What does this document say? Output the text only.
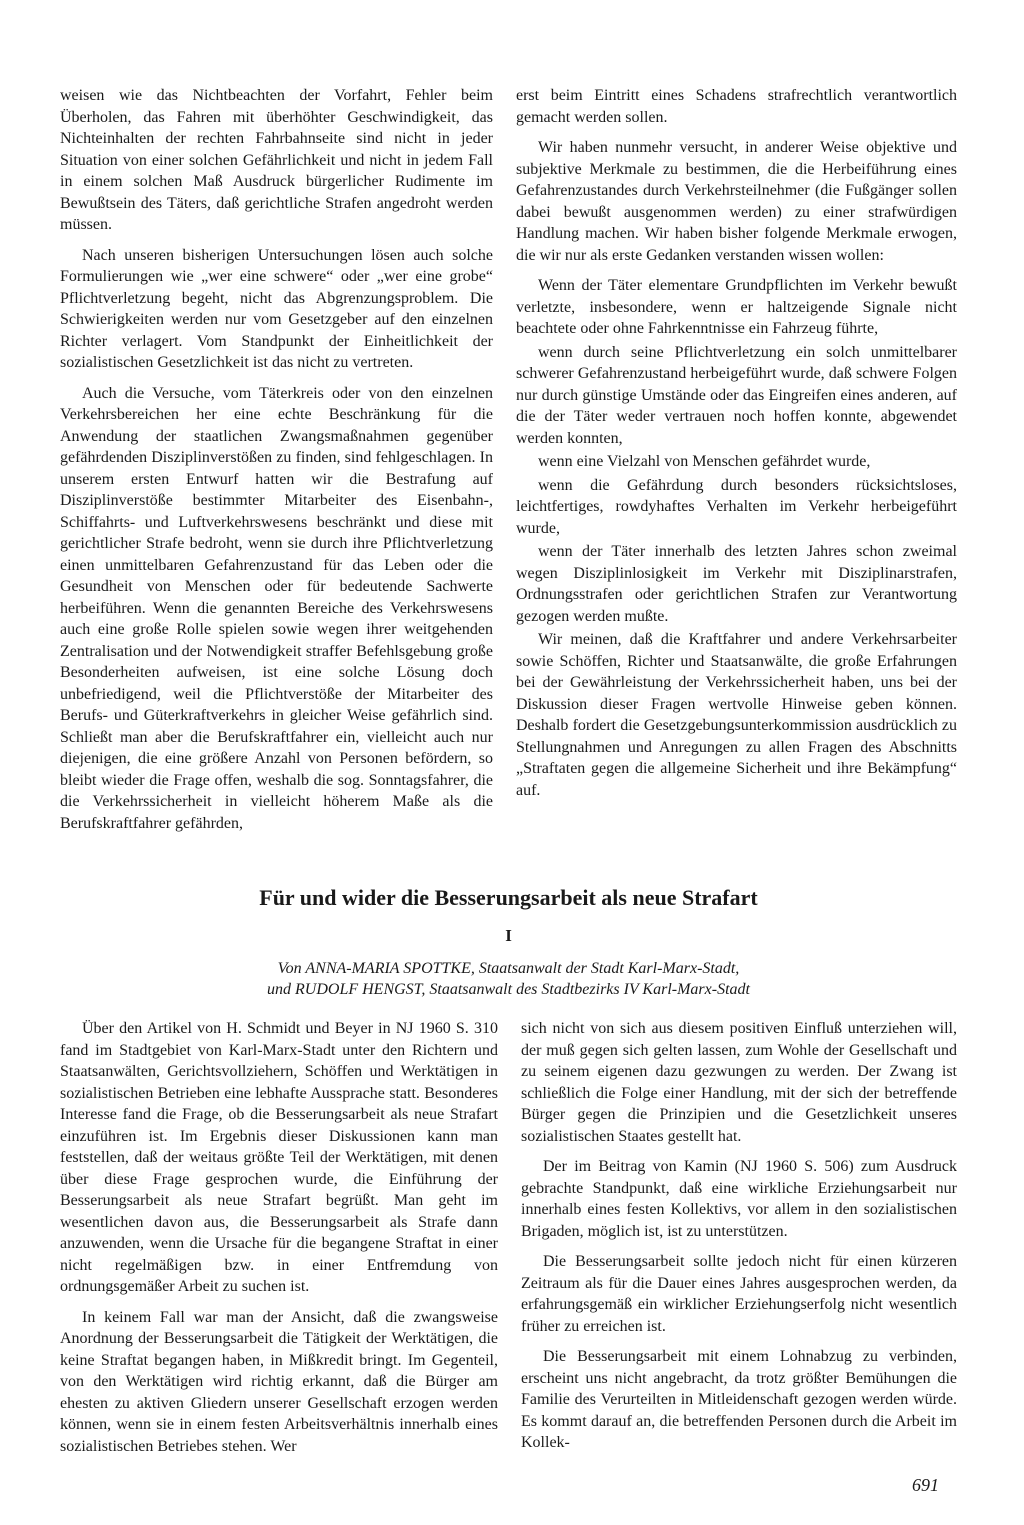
weisen wie das Nichtbeachten der Vorfahrt, Fehler beim Überholen, das Fahren mit überhöhter Geschwindigkeit, das Nichteinhalten der rechten Fahrbahnseite sind nicht in jeder Situation von einer solchen Gefährlichkeit und nicht in jedem Fall in einem solchen Maß Ausdruck bürgerlicher Rudimente im Bewußtsein des Täters, daß gerichtliche Strafen angedroht werden müssen.

Nach unseren bisherigen Untersuchungen lösen auch solche Formulierungen wie „wer eine schwere“ oder „wer eine grobe“ Pflichtverletzung begeht, nicht das Abgrenzungsproblem. Die Schwierigkeiten werden nur vom Gesetzgeber auf den einzelnen Richter verlagert. Vom Standpunkt der Einheitlichkeit der sozialistischen Gesetzlichkeit ist das nicht zu vertreten.

Auch die Versuche, vom Täterkreis oder von den einzelnen Verkehrsbereichen her eine echte Beschränkung für die Anwendung der staatlichen Zwangsmaßnahmen gegenüber gefährdenden Disziplinverstößen zu finden, sind fehlgeschlagen. In unserem ersten Entwurf hatten wir die Bestrafung auf Disziplinverstöße bestimmter Mitarbeiter des Eisenbahn-, Schiffahrts- und Luftverkehrswesens beschränkt und diese mit gerichtlicher Strafe bedroht, wenn sie durch ihre Pflichtverletzung einen unmittelbaren Gefahrenzustand für das Leben oder die Gesundheit von Menschen oder für bedeutende Sachwerte herbeiführen. Wenn die genannten Bereiche des Verkehrswesens auch eine große Rolle spielen sowie wegen ihrer weitgehenden Zentralisation und der Notwendigkeit straffer Befehlsgebung große Besonderheiten aufweisen, ist eine solche Lösung doch unbefriedigend, weil die Pflichtverstöße der Mitarbeiter des Berufs- und Güterkraftverkehrs in gleicher Weise gefährlich sind. Schließt man aber die Berufskraftfahrer ein, vielleicht auch nur diejenigen, die eine größere Anzahl von Personen befördern, so bleibt wieder die Frage offen, weshalb die sog. Sonntagsfahrer, die die Verkehrssicherheit in vielleicht höherem Maße als die Berufskraftfahrer gefährden,

erst beim Eintritt eines Schadens strafrechtlich verantwortlich gemacht werden sollen.

Wir haben nunmehr versucht, in anderer Weise objektive und subjektive Merkmale zu bestimmen, die die Herbeiführung eines Gefahrenzustandes durch Verkehrsteilnehmer (die Fußgänger sollen dabei bewußt ausgenommen werden) zu einer strafwürdigen Handlung machen. Wir haben bisher folgende Merkmale erwogen, die wir nur als erste Gedanken verstanden wissen wollen:

Wenn der Täter elementare Grundpflichten im Verkehr bewußt verletzte, insbesondere, wenn er haltzeigende Signale nicht beachtete oder ohne Fahrkenntnisse ein Fahrzeug führte,

wenn durch seine Pflichtverletzung ein solch unmittelbarer schwerer Gefahrenzustand herbeigeführt wurde, daß schwere Folgen nur durch günstige Umstände oder das Eingreifen eines anderen, auf die der Täter weder vertrauen noch hoffen konnte, abgewendet werden konnten,

wenn eine Vielzahl von Menschen gefährdet wurde,

wenn die Gefährdung durch besonders rücksichtsloses, leichtfertiges, rowdyhaftes Verhalten im Verkehr herbeigeführt wurde,

wenn der Täter innerhalb des letzten Jahres schon zweimal wegen Disziplinlosigkeit im Verkehr mit Disziplinarstrafen, Ordnungsstrafen oder gerichtlichen Strafen zur Verantwortung gezogen werden mußte.

Wir meinen, daß die Kraftfahrer und andere Verkehrsarbeiter sowie Schöffen, Richter und Staatsanwälte, die große Erfahrungen bei der Gewährleistung der Verkehrssicherheit haben, uns bei der Diskussion dieser Fragen wertvolle Hinweise geben können. Deshalb fordert die Gesetzgebungsunterkommission ausdrücklich zu Stellungnahmen und Anregungen zu allen Fragen des Abschnitts „Straftaten gegen die allgemeine Sicherheit und ihre Bekämpfung“ auf.

Für und wider die Besserungsarbeit als neue Strafart
I
Von ANNA-MARIA SPOTTKE, Staatsanwalt der Stadt Karl-Marx-Stadt,
und RUDOLF HENGST, Staatsanwalt des Stadtbezirks IV Karl-Marx-Stadt

Über den Artikel von H. Schmidt und Beyer in NJ 1960 S. 310 fand im Stadtgebiet von Karl-Marx-Stadt unter den Richtern und Staatsanwälten, Gerichtsvollziehern, Schöffen und Werktätigen in sozialistischen Betrieben eine lebhafte Aussprache statt. Besonderes Interesse fand die Frage, ob die Besserungsarbeit als neue Strafart einzuführen ist. Im Ergebnis dieser Diskussionen kann man feststellen, daß der weitaus größte Teil der Werktätigen, mit denen über diese Frage gesprochen wurde, die Einführung der Besserungsarbeit als neue Strafart begrüßt. Man geht im wesentlichen davon aus, die Besserungsarbeit als Strafe dann anzuwenden, wenn die Ursache für die begangene Straftat in einer nicht regelmäßigen bzw. in einer Entfremdung von ordnungsgemäßer Arbeit zu suchen ist.

In keinem Fall war man der Ansicht, daß die zwangsweise Anordnung der Besserungsarbeit die Tätigkeit der Werktätigen, die keine Straftat begangen haben, in Mißkredit bringt. Im Gegenteil, von den Werktätigen wird richtig erkannt, daß die Bürger am ehesten zu aktiven Gliedern unserer Gesellschaft erzogen werden können, wenn sie in einem festen Arbeitsverhältnis innerhalb eines sozialistischen Betriebes stehen. Wer

sich nicht von sich aus diesem positiven Einfluß unterziehen will, der muß gegen sich gelten lassen, zum Wohle der Gesellschaft und zu seinem eigenen dazu gezwungen zu werden. Der Zwang ist schließlich die Folge einer Handlung, mit der sich der betreffende Bürger gegen die Prinzipien und die Gesetzlichkeit unseres sozialistischen Staates gestellt hat.

Der im Beitrag von Kamin (NJ 1960 S. 506) zum Ausdruck gebrachte Standpunkt, daß eine wirkliche Erziehungsarbeit nur innerhalb eines festen Kollektivs, vor allem in den sozialistischen Brigaden, möglich ist, ist zu unterstützen.

Die Besserungsarbeit sollte jedoch nicht für einen kürzeren Zeitraum als für die Dauer eines Jahres ausgesprochen werden, da erfahrungsgemäß ein wirklicher Erziehungserfolg nicht wesentlich früher zu erreichen ist.

Die Besserungsarbeit mit einem Lohnabzug zu verbinden, erscheint uns nicht angebracht, da trotz größter Bemühungen die Familie des Verurteilten in Mitleidenschaft gezogen werden würde. Es kommt darauf an, die betreffenden Personen durch die Arbeit im Kollek-

691
